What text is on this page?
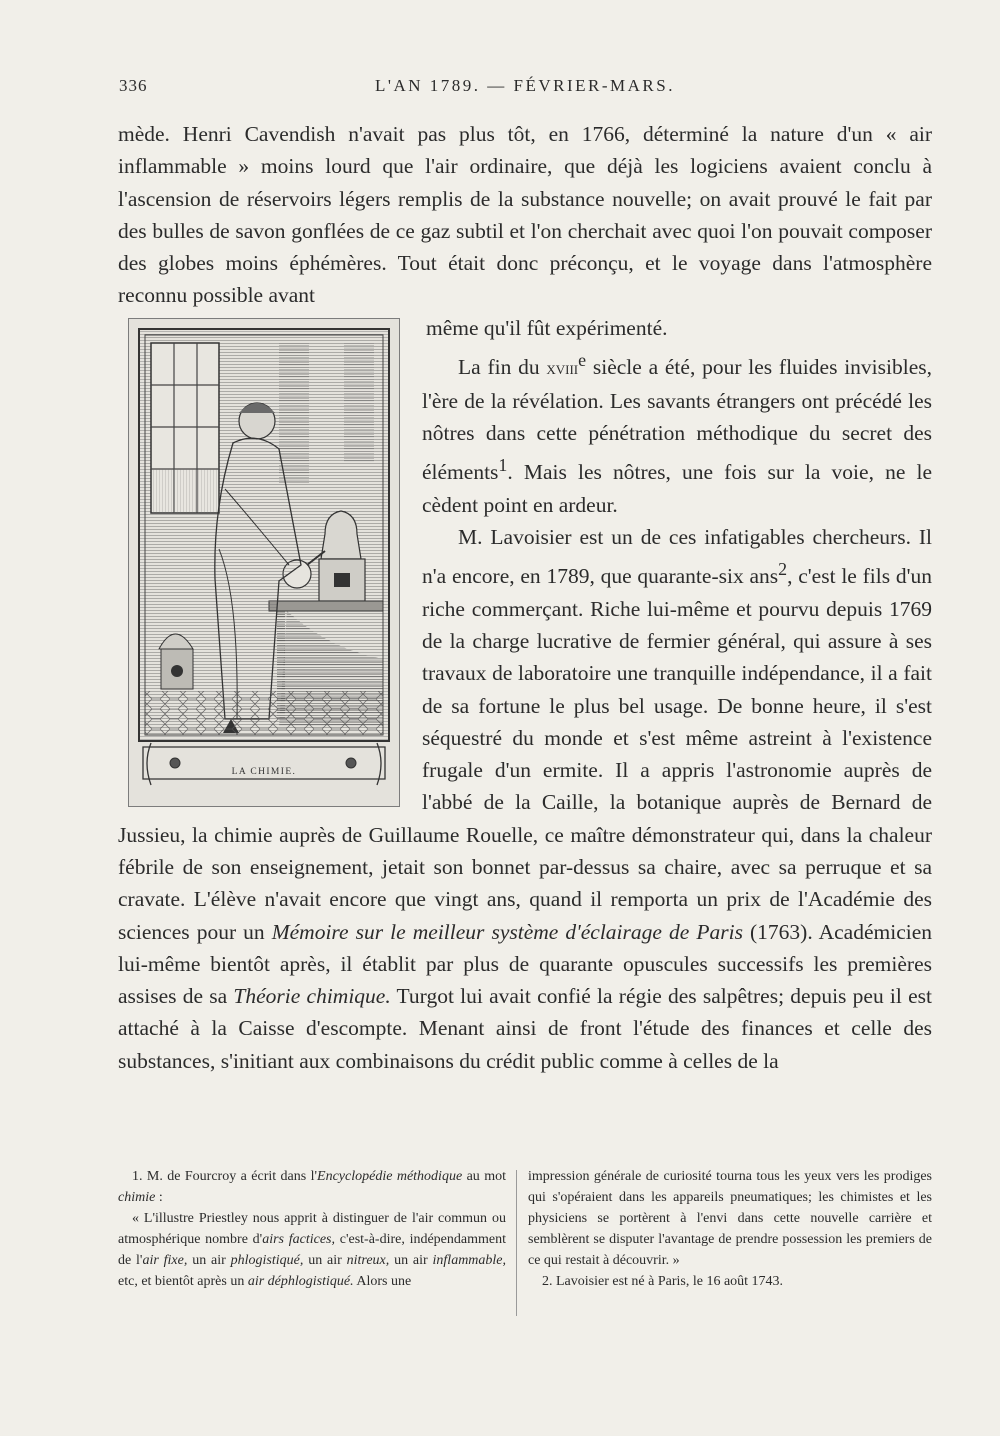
336	L'AN 1789. — FÉVRIER-MARS.

mède. Henri Cavendish n'avait pas plus tôt, en 1766, déterminé la nature d'un « air inflammable » moins lourd que l'air ordinaire, que déjà les logiciens avaient conclu à l'ascension de réservoirs légers remplis de la substance nouvelle; on avait prouvé le fait par des bulles de savon gonflées de ce gaz subtil et l'on cherchait avec quoi l'on pouvait composer des globes moins éphémères. Tout était donc préconçu, et le voyage dans l'atmosphère reconnu possible avant

LA CHIMIE.

même qu'il fût expérimenté.

La fin du xviii$^e$ siècle a été, pour les fluides invisibles, l'ère de la révélation. Les savants étrangers ont précédé les nôtres dans cette pénétration méthodique du secret des éléments$^1$. Mais les nôtres, une fois sur la voie, ne le cèdent point en ardeur.

M. Lavoisier est un de ces infatigables chercheurs. Il n'a encore, en 1789, que quarante-six ans$^2$, c'est le fils d'un riche commerçant. Riche lui-même et pourvu depuis 1769 de la charge lucrative de fermier général, qui assure à ses travaux de laboratoire une tranquille indépendance, il a fait de sa fortune le plus bel usage. De bonne heure, il s'est séquestré du monde et s'est même astreint à l'existence frugale d'un ermite. Il a appris l'astronomie auprès de l'abbé de la Caille, la botanique auprès de Bernard de Jussieu, la chimie auprès de Guillaume Rouelle, ce maître démonstrateur qui, dans la chaleur fébrile de son enseignement, jetait son bonnet par-dessus sa chaire, avec sa perruque et sa cravate. L'élève n'avait encore que vingt ans, quand il remporta un prix de l'Académie des sciences pour un Mémoire sur le meilleur système d'éclairage de Paris (1763). Académicien lui-même bientôt après, il établit par plus de quarante opuscules successifs les premières assises de sa Théorie chimique. Turgot lui avait confié la régie des salpêtres; depuis peu il est attaché à la Caisse d'escompte. Menant ainsi de front l'étude des finances et celle des substances, s'initiant aux combinaisons du crédit public comme à celles de la

1. M. de Fourcroy a écrit dans l'Encyclopédie méthodique au mot chimie :

« L'illustre Priestley nous apprit à distinguer de l'air commun ou atmosphérique nombre d'airs factices, c'est-à-dire, indépendamment de l'air fixe, un air phlogistiqué, un air nitreux, un air inflammable, etc, et bientôt après un air déphlogistiqué. Alors une

impression générale de curiosité tourna tous les yeux vers les prodiges qui s'opéraient dans les appareils pneumatiques; les chimistes et les physiciens se portèrent à l'envi dans cette nouvelle carrière et semblèrent se disputer l'avantage de prendre possession les premiers de ce qui restait à découvrir. »

2. Lavoisier est né à Paris, le 16 août 1743.
